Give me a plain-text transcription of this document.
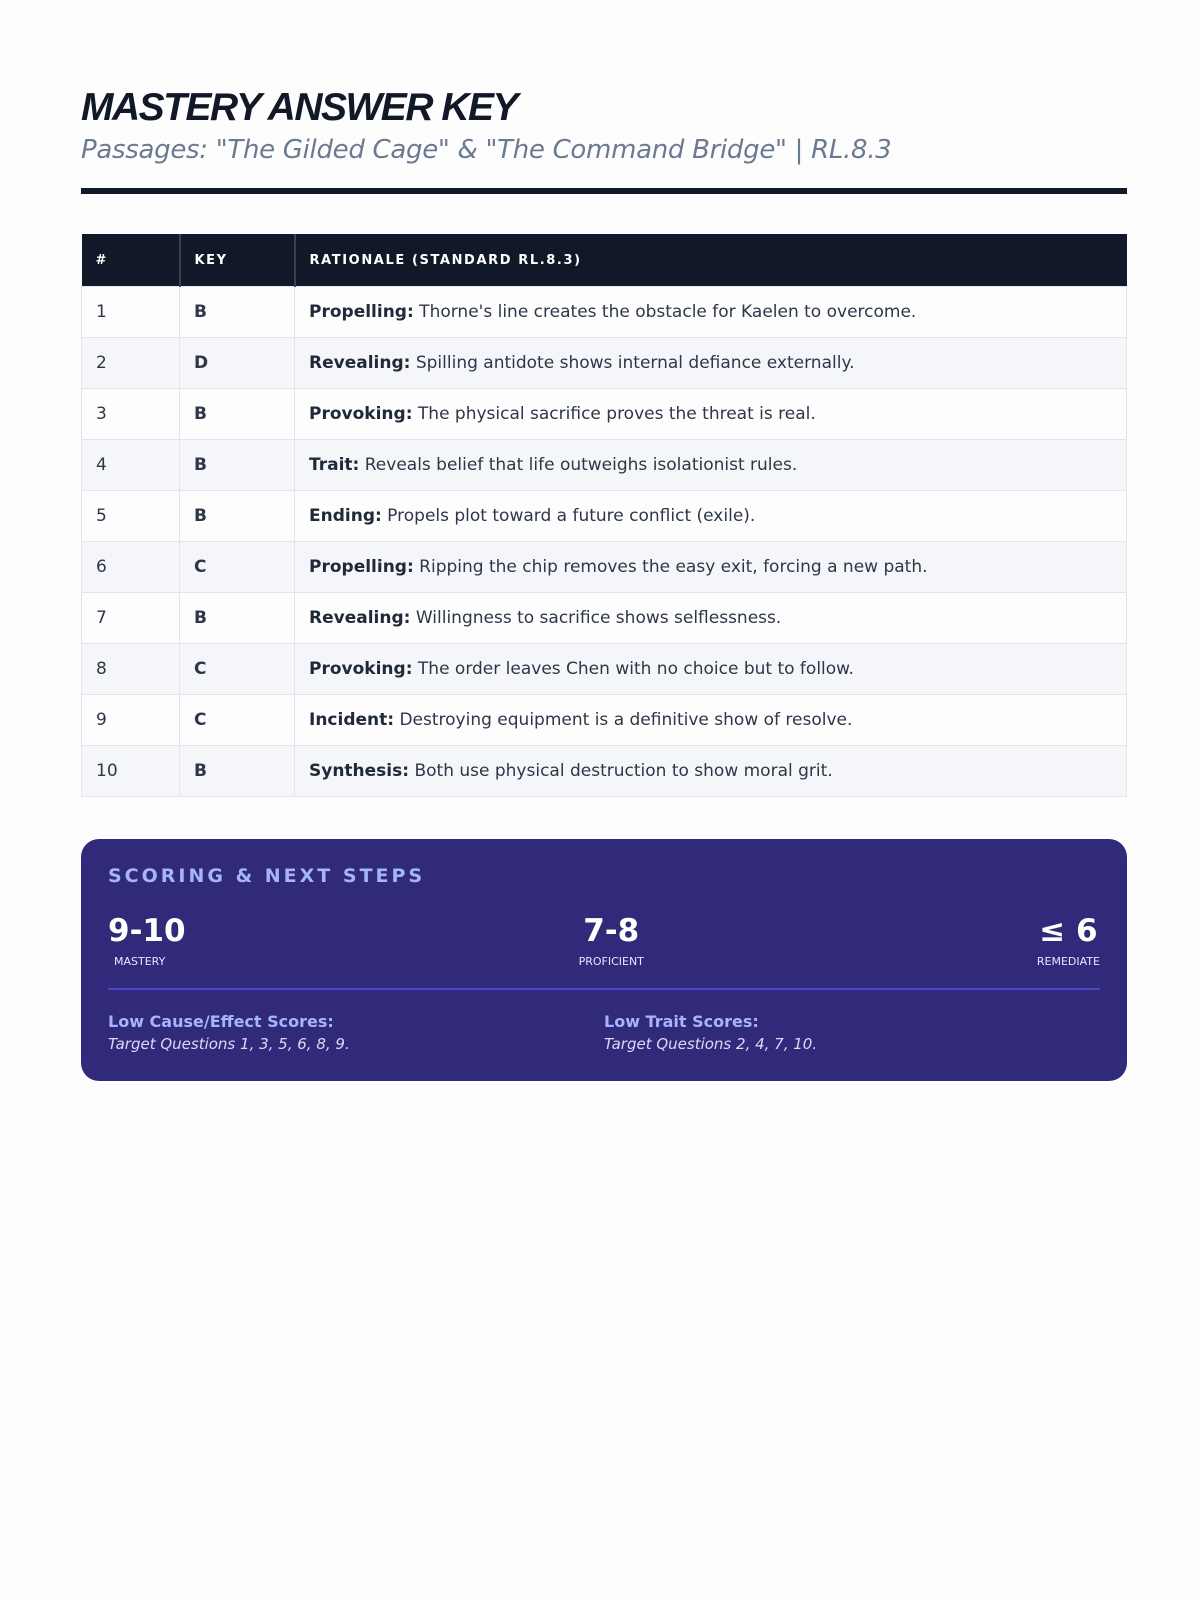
MASTERY ANSWER KEY
Passages: "The Gilded Cage" & "The Command Bridge" | RL.8.3
#	KEY	RATIONALE (STANDARD RL.8.3)
1	B	Propelling: Thorne's line creates the obstacle for Kaelen to overcome.
2	D	Revealing: Spilling antidote shows internal defiance externally.
3	B	Provoking: The physical sacrifice proves the threat is real.
4	B	Trait: Reveals belief that life outweighs isolationist rules.
5	B	Ending: Propels plot toward a future conflict (exile).
6	C	Propelling: Ripping the chip removes the easy exit, forcing a new path.
7	B	Revealing: Willingness to sacrifice shows selflessness.
8	C	Provoking: The order leaves Chen with no choice but to follow.
9	C	Incident: Destroying equipment is a definitive show of resolve.
10	B	Synthesis: Both use physical destruction to show moral grit.
SCORING & NEXT STEPS
9-10
MASTERY
7-8
PROFICIENT
≤ 6
REMEDIATE
Low Cause/Effect Scores:
Target Questions 1, 3, 5, 6, 8, 9.
Low Trait Scores:
Target Questions 2, 4, 7, 10.
